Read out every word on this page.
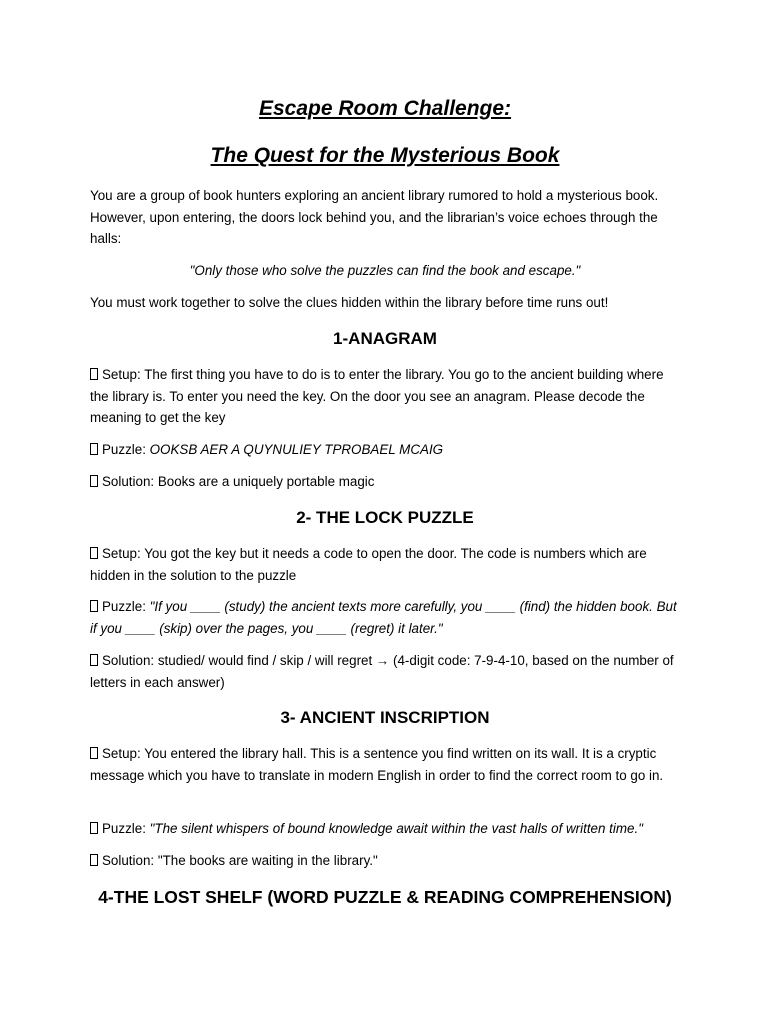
Escape Room Challenge:
The Quest for the Mysterious Book

You are a group of book hunters exploring an ancient library rumored to hold a mysterious book. However, upon entering, the doors lock behind you, and the librarian’s voice echoes through the halls:

"Only those who solve the puzzles can find the book and escape."

You must work together to solve the clues hidden within the library before time runs out!

1-ANAGRAM

Setup: The first thing you have to do is to enter the library. You go to the ancient building where the library is. To enter you need the key. On the door you see an anagram. Please decode the meaning to get the key

Puzzle: OOKSB AER A QUYNULIEY TPROBAEL MCAIG

Solution: Books are a uniquely portable magic

2- THE LOCK PUZZLE

Setup: You got the key but it needs a code to open the door. The code is numbers which are hidden in the solution to the puzzle

Puzzle: "If you ____ (study) the ancient texts more carefully, you ____ (find) the hidden book. But if you ____ (skip) over the pages, you ____ (regret) it later."

Solution: studied/ would find / skip / will regret → (4-digit code: 7-9-4-10, based on the number of letters in each answer)

3- ANCIENT INSCRIPTION

Setup: You entered the library hall. This is a sentence you find written on its wall. It is a cryptic message which you have to translate in modern English in order to find the correct room to go in.

Puzzle: "The silent whispers of bound knowledge await within the vast halls of written time."

Solution: "The books are waiting in the library."

4-THE LOST SHELF (WORD PUZZLE & READING COMPREHENSION)
